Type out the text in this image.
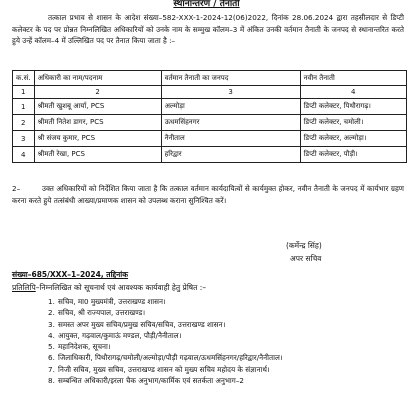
स्थानान्तरण / तैनाती
तत्काल प्रभाव से शासन के आदेश संख्या–582-XXX-1-2024-12(06)2022, दिनांक 28.06.2024 द्वारा तहसीलदार से डिप्टी कलेक्टर के पद पर प्रोन्नत निम्नलिखित अधिकारियों को उनके नाम के सम्मुख कॉलम–3 में अंकित उनकी वर्तमान तैनाती के जनपद से स्थानान्तरित करते हुये उन्हें कॉलम–4 में उल्लिखित पद पर तैनात किया जाता है :–
क.सं.	अधिकारी का नाम/पदनाम	वर्तमान तैनाती का जनपद	नवीन तैनाती
1	2	3	4
1	श्रीमती खुशबू आर्या, PCS	अल्मोड़ा	डिप्टी कलेक्टर, पिथौरागढ़।
2	श्रीमती नितेश डागर, PCS	ऊधमसिंहनगर	डिप्टी कलेक्टर, चमोली।
3	श्री संजय कुमार, PCS	नैनीताल	डिप्टी कलेक्टर, अल्मोड़ा।
4	श्रीमती रेखा, PCS	हरिद्वार	डिप्टी कलेक्टर, पौड़ी।
2–	उक्त अधिकारियों को निर्देशित किया जाता है कि तत्काल वर्तमान कार्यदायित्वों से कार्यमुक्त होकर, नवीन तैनाती के जनपद में कार्यभार ग्रहण करना करते हुये तत्संबंधी आख्या/प्रमाणक शासन को उपलब्ध कराना सुनिश्चित करें।
(कर्मेन्द्र सिंह)
अपर सचिव
संख्या–685/XXX–1–2024, तद्दिनांक
प्रतिलिपि–निम्नलिखित को सूचनार्थ एवं आवश्यक कार्यवाही हेतु प्रेषित :–
1. सचिव, मा0 मुख्यमंत्री, उत्तराखण्ड शासन।
2. सचिव, श्री राज्यपाल, उत्तराखण्ड।
3. समस्त अपर मुख्य सचिव/प्रमुख सचिव/सचिव, उत्तराखण्ड शासन।
4. आयुक्त, गढ़वाल/कुमाऊं मण्डल, पौड़ी/नैनीताल।
5. महानिदेशक, सूचना।
6. जिलाधिकारी, पिथौरागढ़/चमोली/अल्मोड़ा/पौड़ी गढ़वाल/ऊधमसिंहनगर/हरिद्वार/नैनीताल।
7. निजी सचिव, मुख्य सचिव, उत्तराखण्ड शासन को मुख्य सचिव महोदय के संज्ञानार्थ।
8. सम्बन्धित अधिकारी/इरला चैक अनुभाग/कार्मिक एवं सतर्कता अनुभाग–2
